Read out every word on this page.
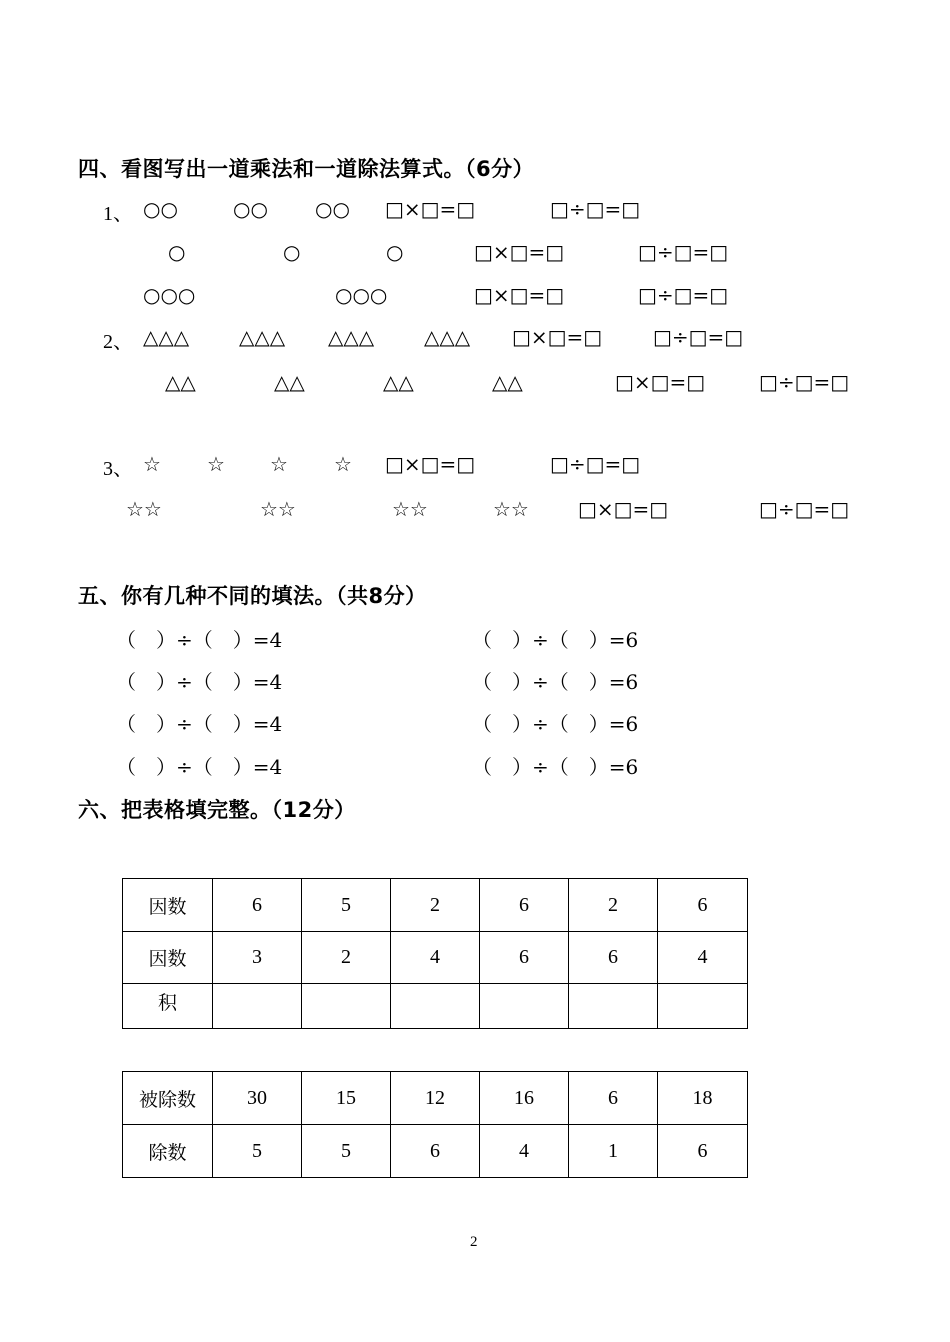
四、看图写出一道乘法和一道除法算式。（6分）
1、 ○○	○○ ○○ □×□=□	□÷□=□
○	○	○	□×□=□	□÷□=□
○○○	○○○	□×□=□	□÷□=□
2、 △△△ △△△ △△△ △△△ □×□=□	□÷□=□
△△	△△	△△	△△	□×□=□	□÷□=□
3、 ☆ ☆ ☆ ☆ □×□=□	□÷□=□
☆☆	☆☆	☆☆	☆☆ □×□=□	□÷□=□
五、你有几种不同的填法。（共8分）
（　）÷（　）=4
（　）÷（　）=4
（　）÷（　）=4
（　）÷（　）=4
（　）÷（　）=6
（　）÷（　）=6
（　）÷（　）=6
（　）÷（　）=6
六、把表格填完整。（12分）
因数	6	5	2	6	2	6
因数	3	2	4	6	6	4
积						
被除数	30	15	12	16	6	18
除数	5	5	6	4	1	6
2
